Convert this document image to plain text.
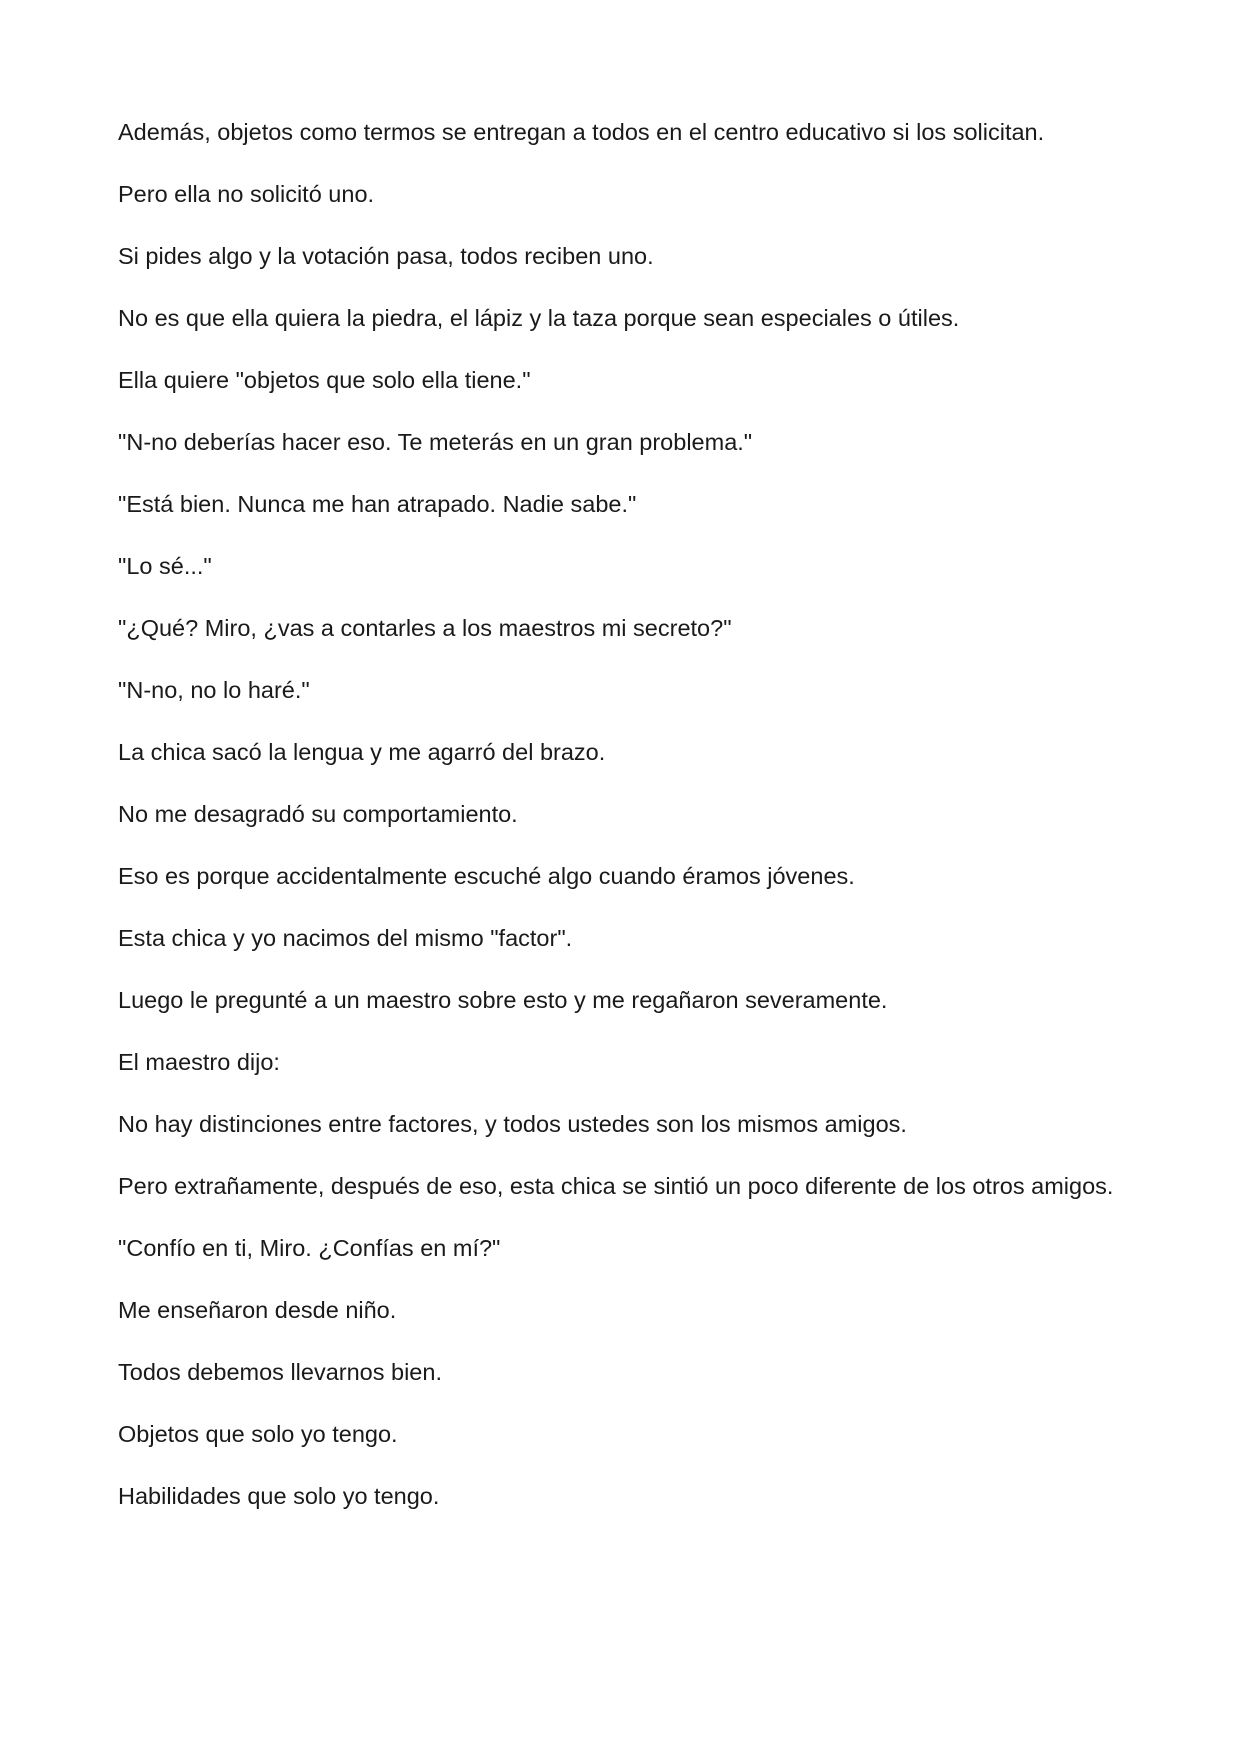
Además, objetos como termos se entregan a todos en el centro educativo si los solicitan.

Pero ella no solicitó uno.

Si pides algo y la votación pasa, todos reciben uno.

No es que ella quiera la piedra, el lápiz y la taza porque sean especiales o útiles.

Ella quiere "objetos que solo ella tiene."

"N-no deberías hacer eso. Te meterás en un gran problema."

"Está bien. Nunca me han atrapado. Nadie sabe."

"Lo sé..."

"¿Qué? Miro, ¿vas a contarles a los maestros mi secreto?"

"N-no, no lo haré."

La chica sacó la lengua y me agarró del brazo.

No me desagradó su comportamiento.

Eso es porque accidentalmente escuché algo cuando éramos jóvenes.

Esta chica y yo nacimos del mismo "factor".

Luego le pregunté a un maestro sobre esto y me regañaron severamente.

El maestro dijo:

No hay distinciones entre factores, y todos ustedes son los mismos amigos.

Pero extrañamente, después de eso, esta chica se sintió un poco diferente de los otros amigos.

"Confío en ti, Miro. ¿Confías en mí?"

Me enseñaron desde niño.

Todos debemos llevarnos bien.

Objetos que solo yo tengo.

Habilidades que solo yo tengo.
